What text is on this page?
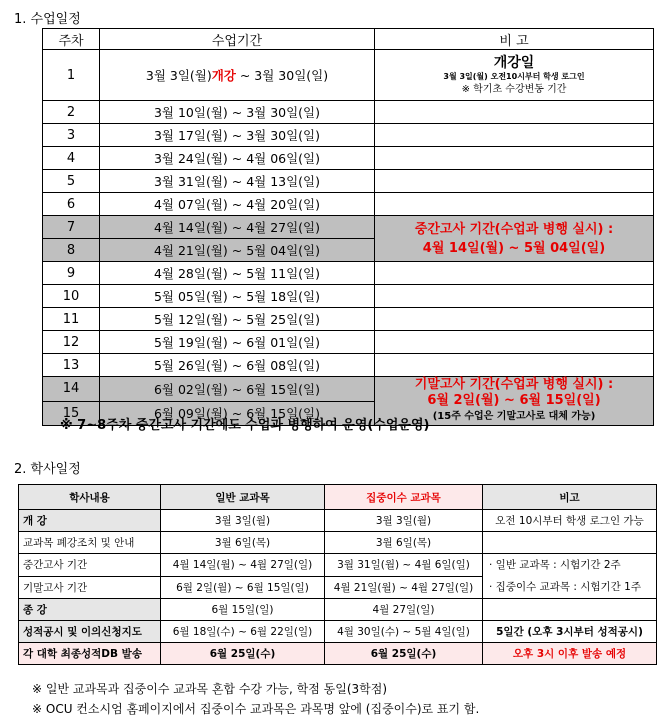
1. 수업일정
주차	수업기간	비 고
1	3월 3일(월)개강 ~ 3월 30일(일)	개강일
3월 3일(월) 오전10시부터 학생 로그인
※ 학기초 수강변동 기간

2	3월 10일(월) ~ 3월 30일(일)	
3	3월 17일(월) ~ 3월 30일(일)	
4	3월 24일(월) ~ 4월 06일(일)	
5	3월 31일(월) ~ 4월 13일(일)	
6	4월 07일(월) ~ 4월 20일(일)	
7	4월 14일(월) ~ 4월 27일(일)	중간고사 기간(수업과 병행 실시) :
4월 14일(월) ~ 5월 04일(일)

8	4월 21일(월) ~ 5월 04일(일)	
9	4월 28일(월) ~ 5월 11일(일)	
10	5월 05일(월) ~ 5월 18일(일)	
11	5월 12일(월) ~ 5월 25일(일)	
12	5월 19일(월) ~ 6월 01일(일)	
13	5월 26일(월) ~ 6월 08일(일)	
14	6월 02일(월) ~ 6월 15일(일)	기말고사 기간(수업과 병행 실시) :
6월 2일(월) ~ 6월 15일(일)
(15주 수업은 기말고사로 대체 가능)

15	6월 09일(월) ~ 6월 15일(일)	
※ 7~8주차 중간고사 기간에도 수업과 병행하여 운영(수업운영)
2. 학사일정
학사내용	일반 교과목	집중이수 교과목	비고
개 강	3월 3일(월)	3월 3일(월)	오전 10시부터 학생 로그인 가능
교과목 폐강조치 및 안내	3월 6일(목)	3월 6일(목)	
중간고사 기간	4월 14일(월) ~ 4월 27일(일)	3월 31일(월) ~ 4월 6일(일)	· 일반 교과목 : 시험기간 2주
· 집중이수 교과목 : 시험기간 1주

기말고사 기간	6월 2일(월) ~ 6월 15일(일)	4월 21일(월) ~ 4월 27일(일)	
종 강	6월 15일(일)	4월 27일(일)	
성적공시 및 이의신청지도	6월 18일(수) ~ 6월 22일(일)	4월 30일(수) ~ 5월 4일(일)	5일간 (오후 3시부터 성적공시)
각 대학 최종성적DB 발송	6월 25일(수)	6월 25일(수)	오후 3시 이후 발송 예정
※ 일반 교과목과 집중이수 교과목 혼합 수강 가능, 학점 동일(3학점)
※ OCU 컨소시엄 홈페이지에서 집중이수 교과목은 과목명 앞에 (집중이수)로 표기 함.
